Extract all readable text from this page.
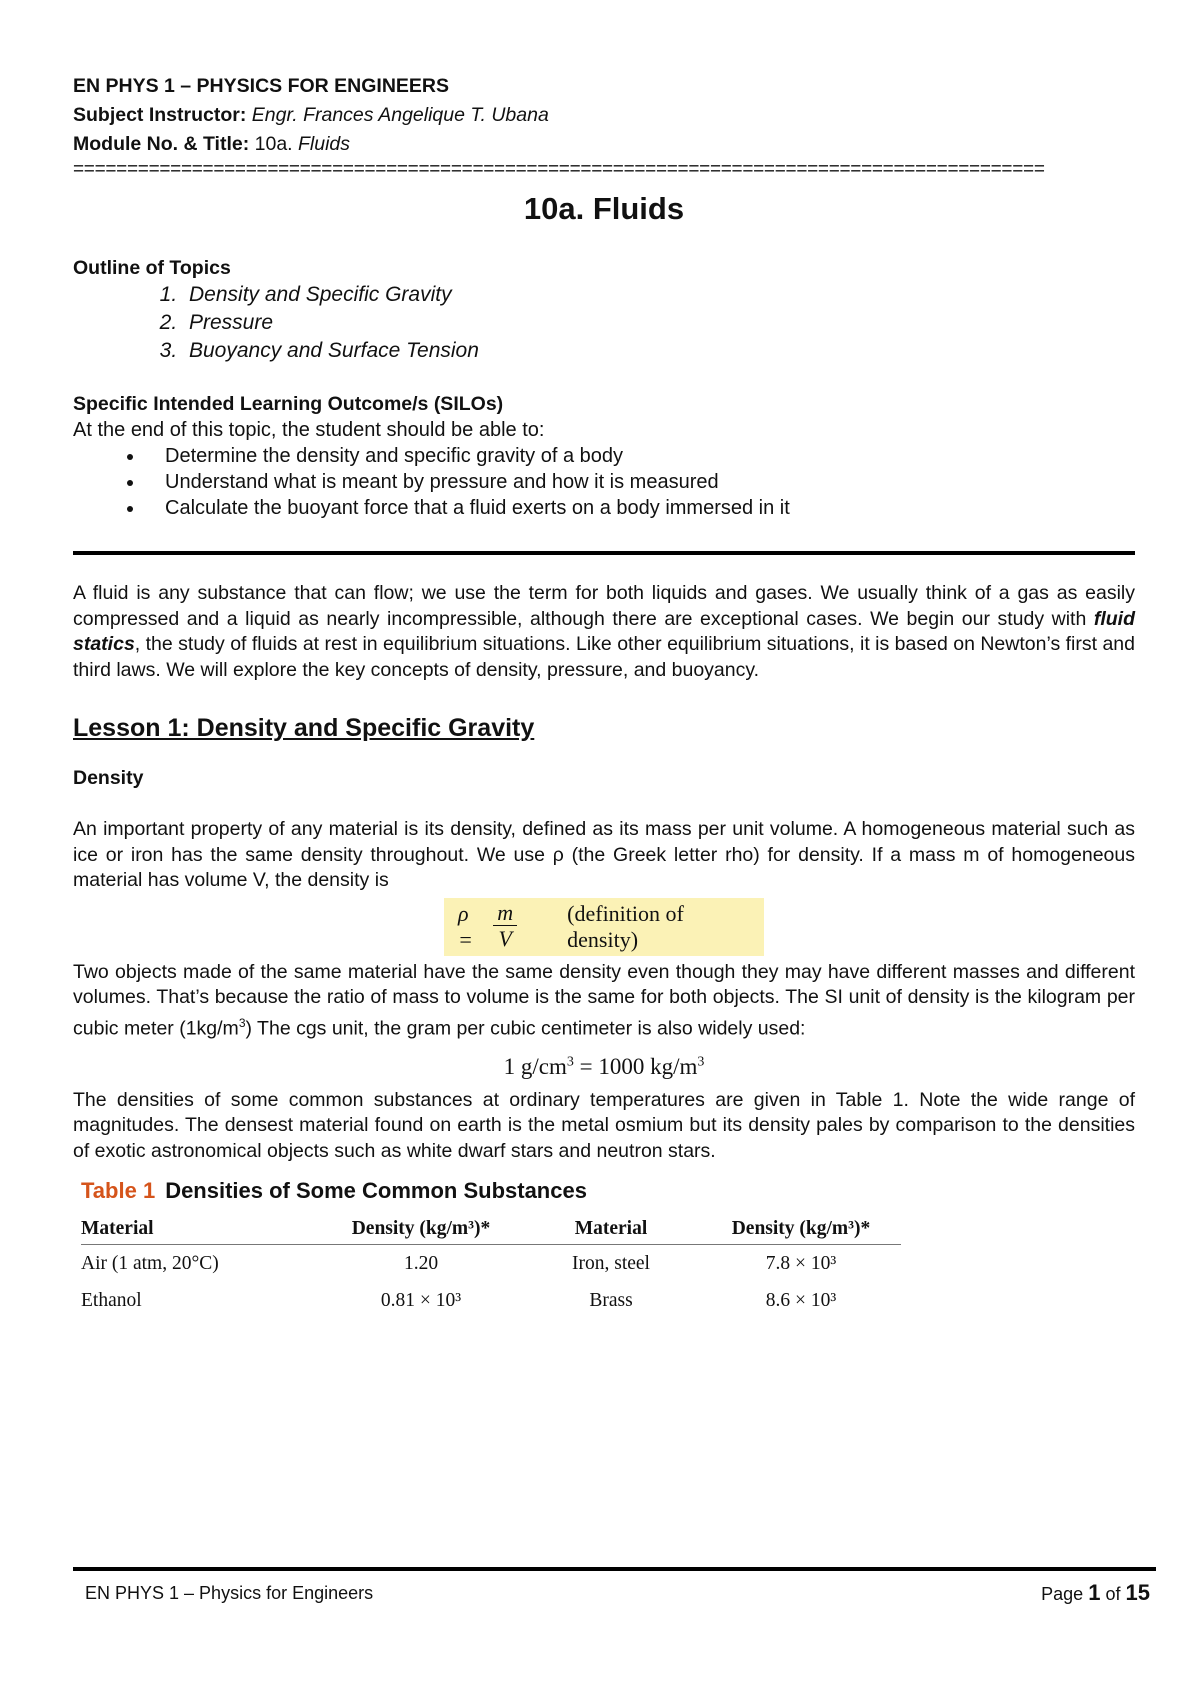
EN PHYS 1 – PHYSICS FOR ENGINEERS
Subject Instructor: Engr. Frances Angelique T. Ubana
Module No. & Title: 10a. Fluids
==========================================================================================
10a. Fluids
Outline of Topics
1. Density and Specific Gravity
2. Pressure
3. Buoyancy and Surface Tension
Specific Intended Learning Outcome/s (SILOs)

At the end of this topic, the student should be able to:

• Determine the density and specific gravity of a body
• Understand what is meant by pressure and how it is measured
• Calculate the buoyant force that a fluid exerts on a body immersed in it

A fluid is any substance that can flow; we use the term for both liquids and gases. We usually think of a gas as easily compressed and a liquid as nearly incompressible, although there are exceptional cases. We begin our study with fluid statics, the study of fluids at rest in equilibrium situations. Like other equilibrium situations, it is based on Newton’s first and third laws. We will explore the key concepts of density, pressure, and buoyancy.

Lesson 1: Density and Specific Gravity
Density

An important property of any material is its density, defined as its mass per unit volume. A homogeneous material such as ice or iron has the same density throughout. We use ρ (the Greek letter rho) for density. If a mass m of homogeneous material has volume V, the density is

$\rho = \frac{m}{V}$ (definition of density)

Two objects made of the same material have the same density even though they may have different masses and different volumes. That’s because the ratio of mass to volume is the same for both objects. The SI unit of density is the kilogram per cubic meter $(1kg/m^3)$ The cgs unit, the gram per cubic centimeter is also widely used:

1 $g/cm^3 = 1000$ $kg/m^3$

The densities of some common substances at ordinary temperatures are given in Table 1. Note the wide range of magnitudes. The densest material found on earth is the metal osmium but its density pales by comparison to the densities of exotic astronomical objects such as white dwarf stars and neutron stars.

Table 1 Densities of Some Common Substances
Material	Density (kg/m³)*	Material	Density (kg/m³)*
Air (1 atm, 20°C)	1.20	Iron, steel	7.8 × 10³
Ethanol	0.81 × 10³	Brass	8.6 × 10³
EN PHYS 1 – Physics for Engineers	Page 1 of 15
